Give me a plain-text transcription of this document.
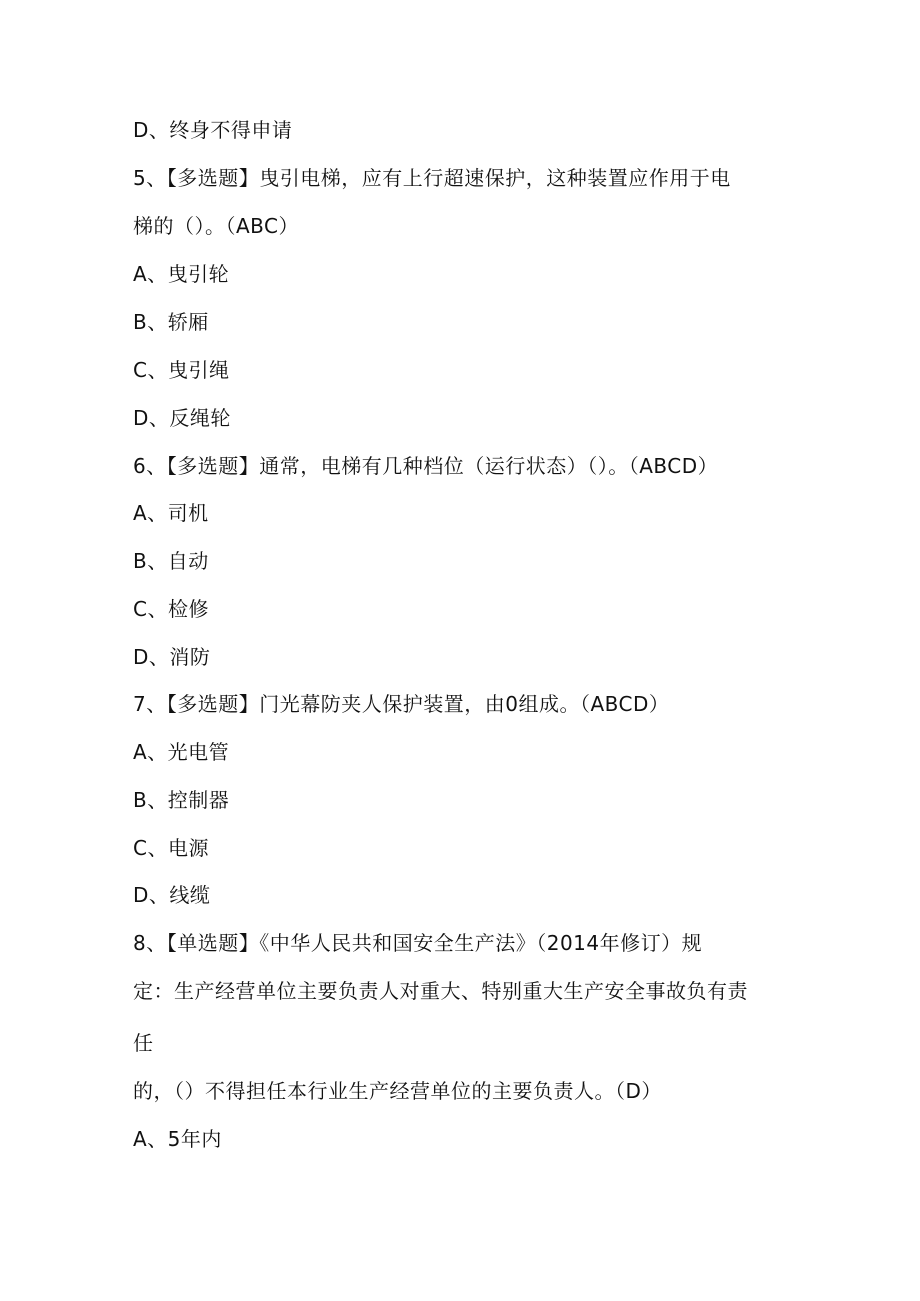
D、终身不得申请
5、【多选题】曳引电梯，应有上行超速保护，这种装置应作用于电
梯的（）。（ABC）
A、曳引轮
B、轿厢
C、曳引绳
D、反绳轮
6、【多选题】通常，电梯有几种档位（运行状态）（）。（ABCD）
A、司机
B、自动
C、检修
D、消防
7、【多选题】门光幕防夹人保护装置，由0组成。（ABCD）
A、光电管
B、控制器
C、电源
D、线缆
8、【单选题】《中华人民共和国安全生产法》（2014年修订）规
定：生产经营单位主要负责人对重大、特别重大生产安全事故负有责
任
的，（）不得担任本行业生产经营单位的主要负责人。（D）
A、5年内
